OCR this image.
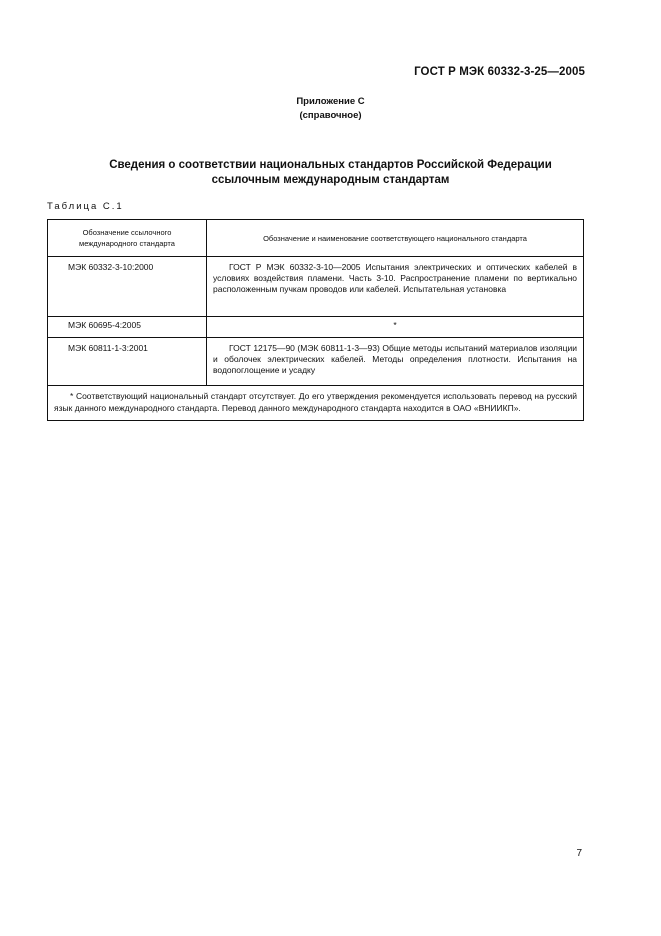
ГОСТ Р МЭК 60332-3-25—2005
Приложение С
(справочное)
Сведения о соответствии национальных стандартов Российской Федерации
ссылочным международным стандартам
Таблица С.1
Обозначение ссылочного
международного стандарта	Обозначение и наименование соответствующего национального стандарта
МЭК 60332-3-10:2000	ГОСТ Р МЭК 60332-3-10—2005 Испытания электрических и оптических кабелей в условиях воздействия пламени. Часть 3-10. Распространение пламени по вертикально расположенным пучкам проводов или кабелей. Испытательная установка

МЭК 60695-4:2005	*
МЭК 60811-1-3:2001	ГОСТ 12175—90 (МЭК 60811-1-3—93) Общие методы испытаний материалов изоляции и оболочек электрических кабелей. Методы определения плотности. Испытания на водопоглощение и усадку

* Соответствующий национальный стандарт отсутствует. До его утверждения рекомендуется использовать перевод на русский язык данного международного стандарта. Перевод данного международного стандарта находится в ОАО «ВНИИКП».	
7
